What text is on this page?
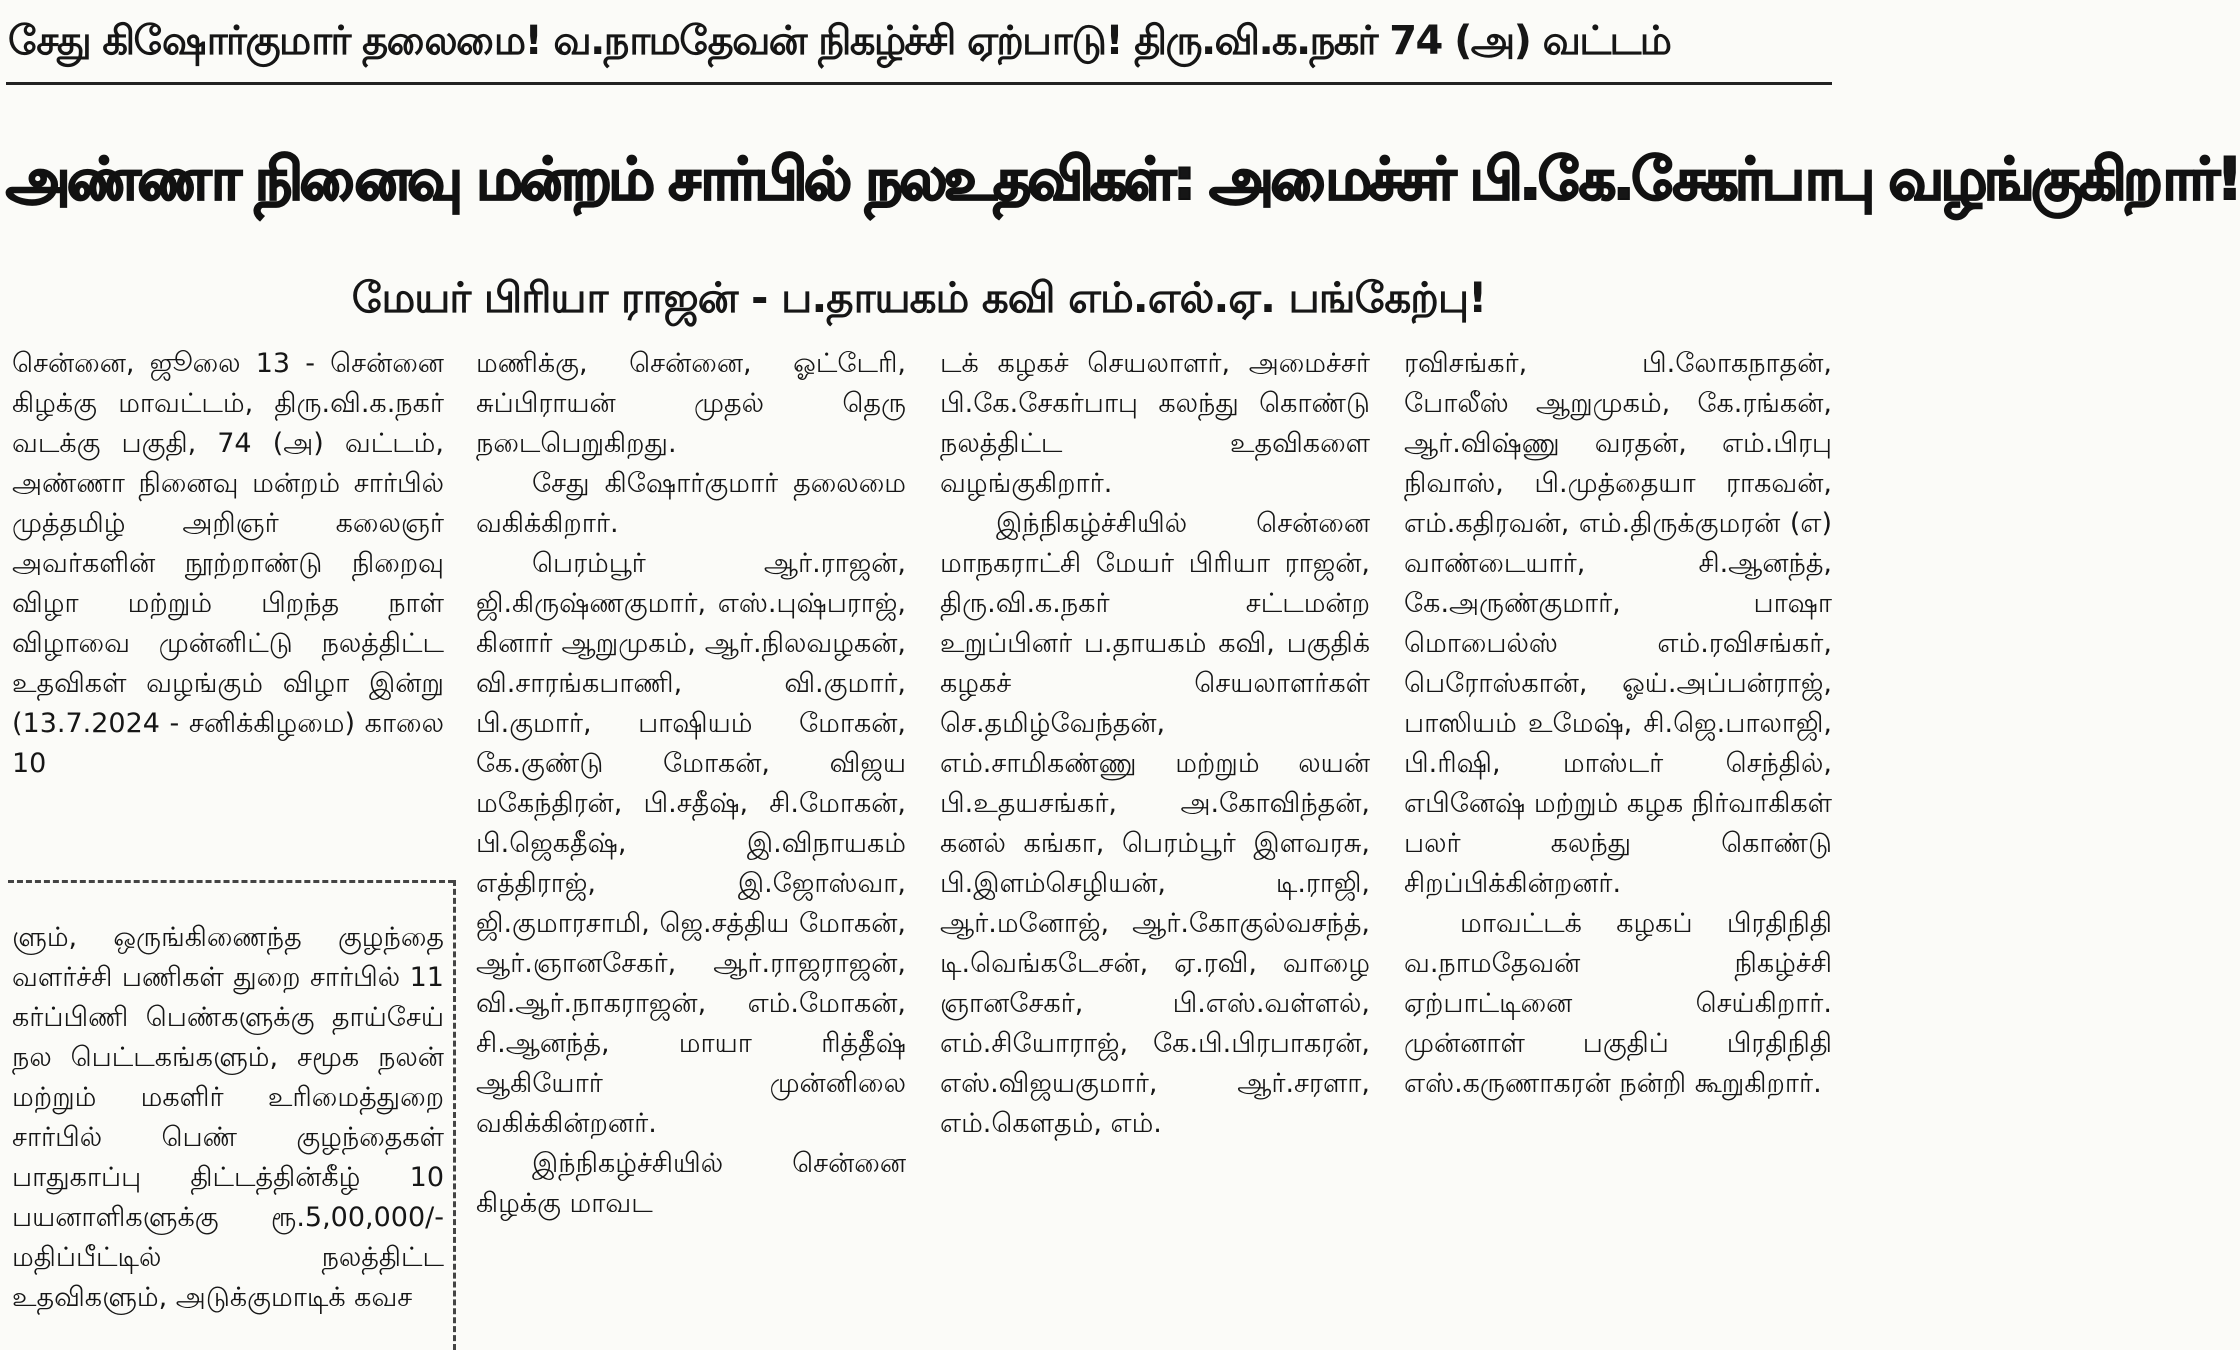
சேது கிஷோர்குமார் தலைமை! வ.நாமதேவன் நிகழ்ச்சி ஏற்பாடு! திரு.வி.க.நகர் 74 (அ) வட்டம்
அண்ணா நினைவு மன்றம் சார்பில் நலஉதவிகள்: அமைச்சர் பி.கே.சேகர்பாபு வழங்குகிறார்!
மேயர் பிரியா ராஜன் - ப.தாயகம் கவி எம்.எல்.ஏ. பங்கேற்பு!

சென்னை, ஜூலை 13 - சென்னை கிழக்கு மாவட்டம், திரு.வி.க.நகர் வடக்கு பகுதி, 74 (அ) வட்டம், அண்ணா நினைவு மன்றம் சார்பில் முத்தமிழ் அறிஞர் கலைஞர் அவர்களின் நூற்றாண்டு நிறைவு விழா மற்றும் பிறந்த நாள் விழாவை முன்னிட்டு நலத்திட்ட உதவிகள் வழங்கும் விழா இன்று (13.7.2024 - சனிக்கிழமை) காலை 10

ளும், ஒருங்கிணைந்த குழந்தை வளர்ச்சி பணிகள் துறை சார்பில் 11 கர்ப்பிணி பெண்களுக்கு தாய்சேய் நல பெட்டகங்களும், சமூக நலன் மற்றும் மகளிர் உரிமைத்துறை சார்பில் பெண் குழந்தைகள் பாதுகாப்பு திட்டத்தின்கீழ் 10 பயனாளிகளுக்கு ரூ.5,00,000/- மதிப்பீட்டில் நலத்திட்ட உதவிகளும், அடுக்குமாடிக் கவச

மணிக்கு, சென்னை, ஓட்டேரி, சுப்பிராயன் முதல் தெரு நடைபெறுகிறது.

சேது கிஷோர்குமார் தலைமை வகிக்கிறார்.

பெரம்பூர் ஆர்.ராஜன், ஜி.கிருஷ்ணகுமார், எஸ்.புஷ்பராஜ், கினார் ஆறுமுகம், ஆர்.நிலவழகன், வி.சாரங்கபாணி, வி.குமார், பி.குமார், பாஷியம் மோகன், கே.குண்டு மோகன், விஜய மகேந்திரன், பி.சதீஷ், சி.மோகன், பி.ஜெகதீஷ், இ.விநாயகம் எத்திராஜ், இ.ஜோஸ்வா, ஜி.குமாரசாமி, ஜெ.சத்திய மோகன், ஆர்.ஞானசேகர், ஆர்.ராஜராஜன், வி.ஆர்.நாகராஜன், எம்.மோகன், சி.ஆனந்த், மாயா ரித்தீஷ் ஆகியோர் முன்னிலை வகிக்கின்றனர்.

இந்நிகழ்ச்சியில் சென்னை கிழக்கு மாவட

டக் கழகச் செயலாளர், அமைச்சர் பி.கே.சேகர்பாபு கலந்து கொண்டு நலத்திட்ட உதவிகளை வழங்குகிறார்.

இந்நிகழ்ச்சியில் சென்னை மாநகராட்சி மேயர் பிரியா ராஜன், திரு.வி.க.நகர் சட்டமன்ற உறுப்பினர் ப.தாயகம் கவி, பகுதிக் கழகச் செயலாளர்கள் செ.தமிழ்வேந்தன், எம்.சாமிகண்ணு மற்றும் லயன் பி.உதயசங்கர், அ.கோவிந்தன், கனல் கங்கா, பெரம்பூர் இளவரசு, பி.இளம்செழியன், டி.ராஜி, ஆர்.மனோஜ், ஆர்.கோகுல்வசந்த், டி.வெங்கடேசன், ஏ.ரவி, வாழை ஞானசேகர், பி.எஸ்.வள்ளல், எம்.சியோராஜ், கே.பி.பிரபாகரன், எஸ்.விஜயகுமார், ஆர்.சரளா, எம்.கௌதம், எம்.

ரவிசங்கர், பி.லோகநாதன், போலீஸ் ஆறுமுகம், கே.ரங்கன், ஆர்.விஷ்ணு வரதன், எம்.பிரபு நிவாஸ், பி.முத்தையா ராகவன், எம்.கதிரவன், எம்.திருக்குமரன் (எ) வாண்டையார், சி.ஆனந்த், கே.அருண்குமார், பாஷா மொபைல்ஸ் எம்.ரவிசங்கர், பெரோஸ்கான், ஓய்.அப்பன்ராஜ், பாஸியம் உமேஷ், சி.ஜெ.பாலாஜி, பி.ரிஷி, மாஸ்டர் செந்தில், எபினேஷ் மற்றும் கழக நிர்வாகிகள் பலர் கலந்து கொண்டு சிறப்பிக்கின்றனர்.

மாவட்டக் கழகப் பிரதிநிதி வ.நாமதேவன் நிகழ்ச்சி ஏற்பாட்டினை செய்கிறார். முன்னாள் பகுதிப் பிரதிநிதி எஸ்.கருணாகரன் நன்றி கூறுகிறார்.
